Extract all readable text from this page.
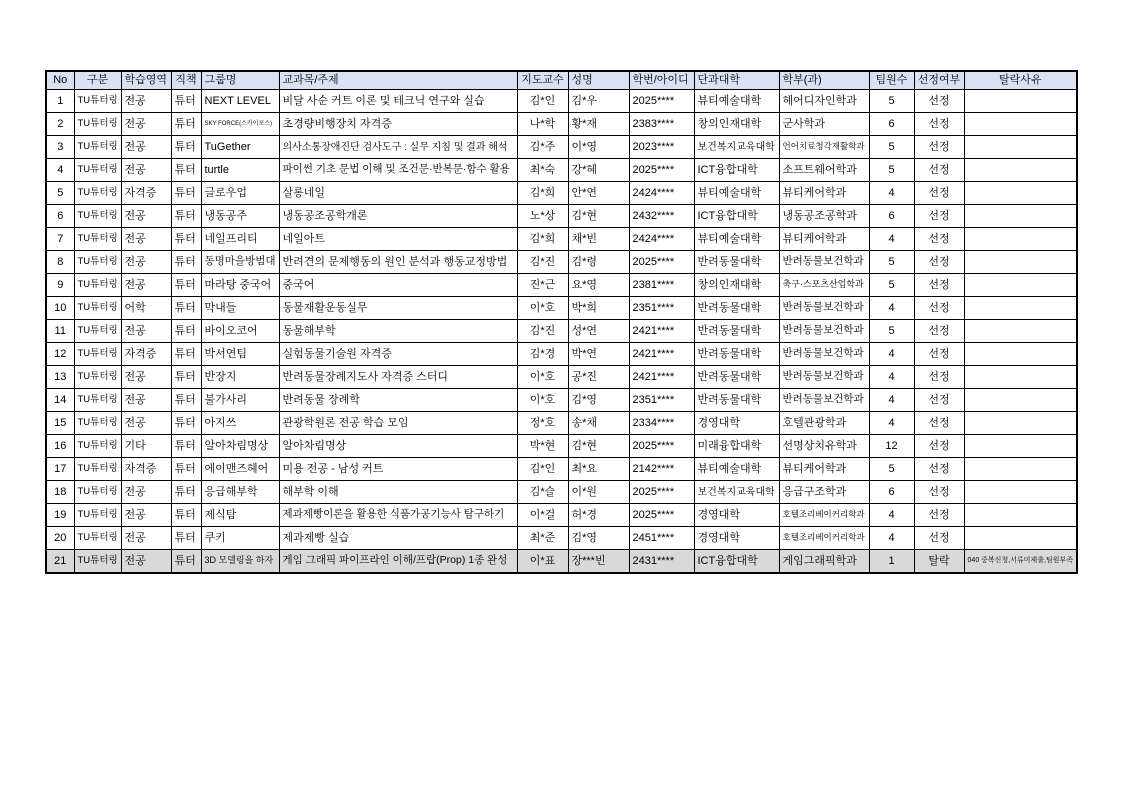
No	구분	학습영역	직책	그룹명	교과목/주제	지도교수	성명	학번/아이디	단과대학	학부(과)	팀원수	선정여부	탈락사유
1	TU튜터링	전공	튜터	NEXT LEVEL	비달 사순 커트 이론 및 테크닉 연구와 실습	김*인	김*우	2025****	뷰티예술대학	헤어디자인학과	5	선정	
2	TU튜터링	전공	튜터	SKY FORCE(스카이포스)	초경량비행장치 자격증	나*학	황*재	2383****	창의인재대학	군사학과	6	선정	
3	TU튜터링	전공	튜터	TuGether	의사소통장애진단 검사도구 : 실무 지침 및 결과 해석	김*주	이*영	2023****	보건복지교육대학	언어치료청각재활학과	5	선정	
4	TU튜터링	전공	튜터	turtle	파이썬 기초 문법 이해 및 조건문·반복문·함수 활용	최*숙	강*혜	2025****	ICT융합대학	소프트웨어학과	5	선정	
5	TU튜터링	자격증	튜터	글로우업	살롱네일	김*희	안*연	2424****	뷰티예술대학	뷰티케어학과	4	선정	
6	TU튜터링	전공	튜터	냉동공주	냉동공조공학개론	노*상	김*현	2432****	ICT융합대학	냉동공조공학과	6	선정	
7	TU튜터링	전공	튜터	네일프리티	네일아트	김*희	채*빈	2424****	뷰티예술대학	뷰티케어학과	4	선정	
8	TU튜터링	전공	튜터	동명마을방범대	반려견의 문제행동의 원인 분석과 행동교정방법	김*진	김*령	2025****	반려동물대학	반려동물보건학과	5	선정	
9	TU튜터링	전공	튜터	마라탕 중국어	중국어	진*근	요*영	2381****	창의인재대학	축구·스포츠산업학과	5	선정	
10	TU튜터링	어학	튜터	막내들	동물재활운동실무	이*호	박*희	2351****	반려동물대학	반려동물보건학과	4	선정	
11	TU튜터링	전공	튜터	바이오코어	동물해부학	김*진	성*연	2421****	반려동물대학	반려동물보건학과	5	선정	
12	TU튜터링	자격증	튜터	박서연팀	실험동물기술원 자격증	김*경	박*연	2421****	반려동물대학	반려동물보건학과	4	선정	
13	TU튜터링	전공	튜터	반장지	반려동물장례지도사 자격증 스터디	이*호	공*진	2421****	반려동물대학	반려동물보건학과	4	선정	
14	TU튜터링	전공	튜터	불가사리	반려동물 장례학	이*호	김*영	2351****	반려동물대학	반려동물보건학과	4	선정	
15	TU튜터링	전공	튜터	아지쓰	관광학원론 전공 학습 모임	정*호	송*채	2334****	경영대학	호텔관광학과	4	선정	
16	TU튜터링	기타	튜터	알아차림명상	알아차림명상	박*현	김*현	2025****	미래융합대학	선명상치유학과	12	선정	
17	TU튜터링	자격증	튜터	에이맨즈헤어	미용 전공 - 남성 커트	김*인	최*요	2142****	뷰티예술대학	뷰티케어학과	5	선정	
18	TU튜터링	전공	튜터	응급해부학	해부학 이해	김*슬	이*원	2025****	보건복지교육대학	응급구조학과	6	선정	
19	TU튜터링	전공	튜터	제식탐	제과제빵이론을 활용한 식품가공기능사 탐구하기	이*걸	허*경	2025****	경영대학	호텔조리베이커리학과	4	선정	
20	TU튜터링	전공	튜터	쿠키	제과제빵 실습	최*준	김*영	2451****	경영대학	호텔조리베이커리학과	4	선정	
21	TU튜터링	전공	튜터	3D 모델링을 하자	게임 그래픽 파이프라인 이해/프랍(Prop) 1종 완성	이*표	장***빈	2431****	ICT융합대학	게임그래픽학과	1	탈락	040 중복신청,서류미제출,팀원부족
